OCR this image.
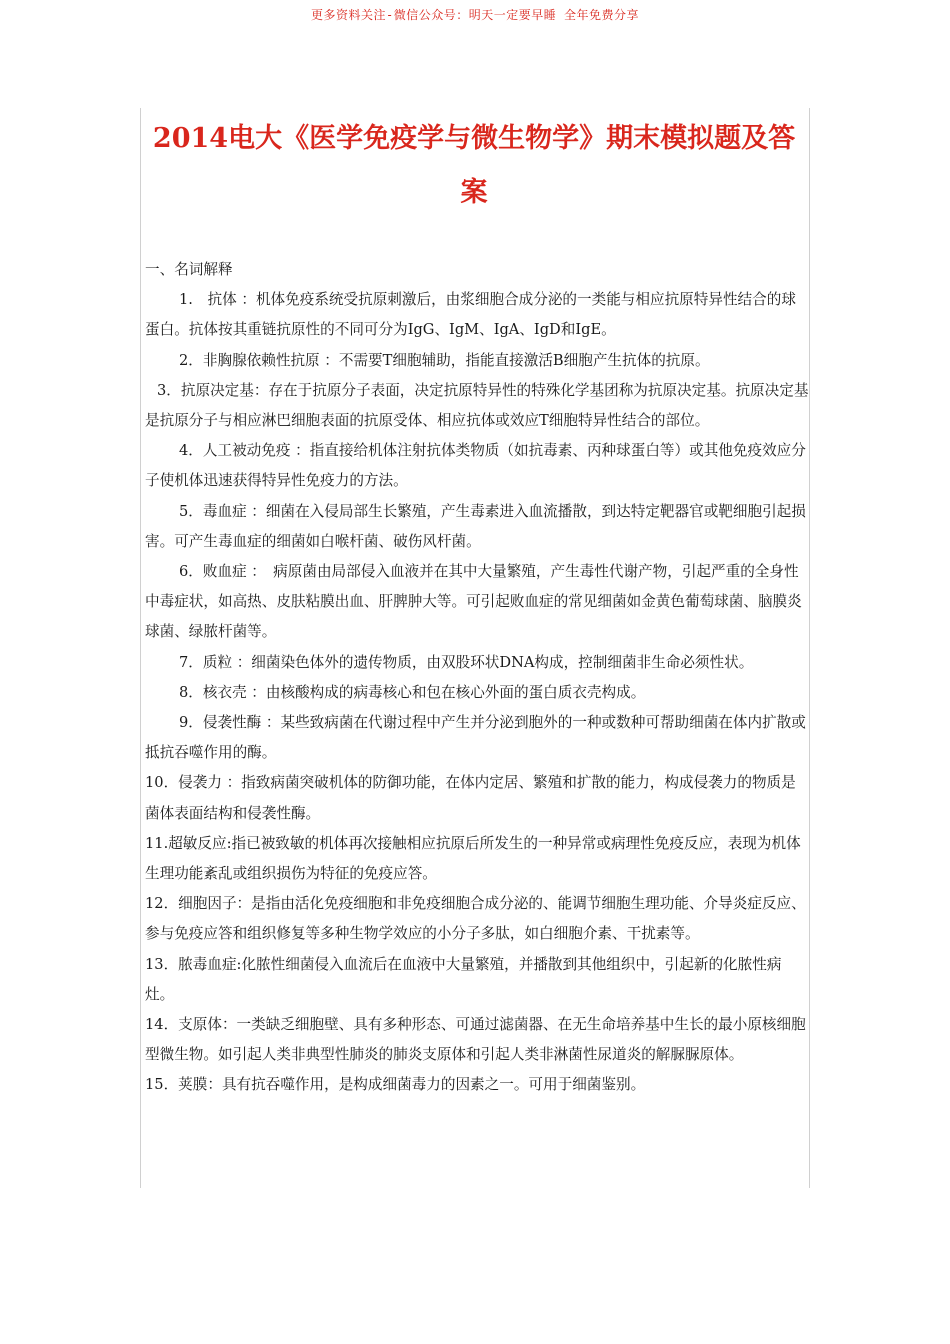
更多资料关注-微信公众号：明天一定要早睡 全年免费分享
2014电大《医学免疫学与微生物学》期末模拟题及答案

一、名词解释

1.　抗体 ：机体免疫系统受抗原刺激后，由浆细胞合成分泌的一类能与相应抗原特异性结合的球蛋白。抗体按其重链抗原性的不同可分为IgG、IgM、IgA、IgD和IgE。

2．非胸腺依赖性抗原 ：不需要T细胞辅助，指能直接激活B细胞产生抗体的抗原。

3．抗原决定基：存在于抗原分子表面，决定抗原特异性的特殊化学基团称为抗原决定基。抗原决定基是抗原分子与相应淋巴细胞表面的抗原受体、相应抗体或效应T细胞特异性结合的部位。

4．人工被动免疫 ：指直接给机体注射抗体类物质（如抗毒素、丙种球蛋白等）或其他免疫效应分子使机体迅速获得特异性免疫力的方法。

5．毒血症 ：细菌在入侵局部生长繁殖，产生毒素进入血流播散，到达特定靶器官或靶细胞引起损害。可产生毒血症的细菌如白喉杆菌、破伤风杆菌。

6．败血症 ：　病原菌由局部侵入血液并在其中大量繁殖，产生毒性代谢产物，引起严重的全身性中毒症状，如高热、皮肤粘膜出血、肝脾肿大等。可引起败血症的常见细菌如金黄色葡萄球菌、脑膜炎球菌、绿脓杆菌等。

7．质粒 ：细菌染色体外的遗传物质，由双股环状DNA构成，控制细菌非生命必须性状。

8．核衣壳 ：由核酸构成的病毒核心和包在核心外面的蛋白质衣壳构成。

9．侵袭性酶 ：某些致病菌在代谢过程中产生并分泌到胞外的一种或数种可帮助细菌在体内扩散或抵抗吞噬作用的酶。

10．侵袭力 ：指致病菌突破机体的防御功能，在体内定居、繁殖和扩散的能力，构成侵袭力的物质是菌体表面结构和侵袭性酶。

11.超敏反应:指已被致敏的机体再次接触相应抗原后所发生的一种异常或病理性免疫反应，表现为机体生理功能紊乱或组织损伤为特征的免疫应答。

12．细胞因子：是指由活化免疫细胞和非免疫细胞合成分泌的、能调节细胞生理功能、介导炎症反应、参与免疫应答和组织修复等多种生物学效应的小分子多肽，如白细胞介素、干扰素等。

13．脓毒血症:化脓性细菌侵入血流后在血液中大量繁殖，并播散到其他组织中，引起新的化脓性病灶。

14．支原体：一类缺乏细胞壁、具有多种形态、可通过滤菌器、在无生命培养基中生长的最小原核细胞型微生物。如引起人类非典型性肺炎的肺炎支原体和引起人类非淋菌性尿道炎的解脲脲原体。

15．荚膜：具有抗吞噬作用，是构成细菌毒力的因素之一。可用于细菌鉴别。
